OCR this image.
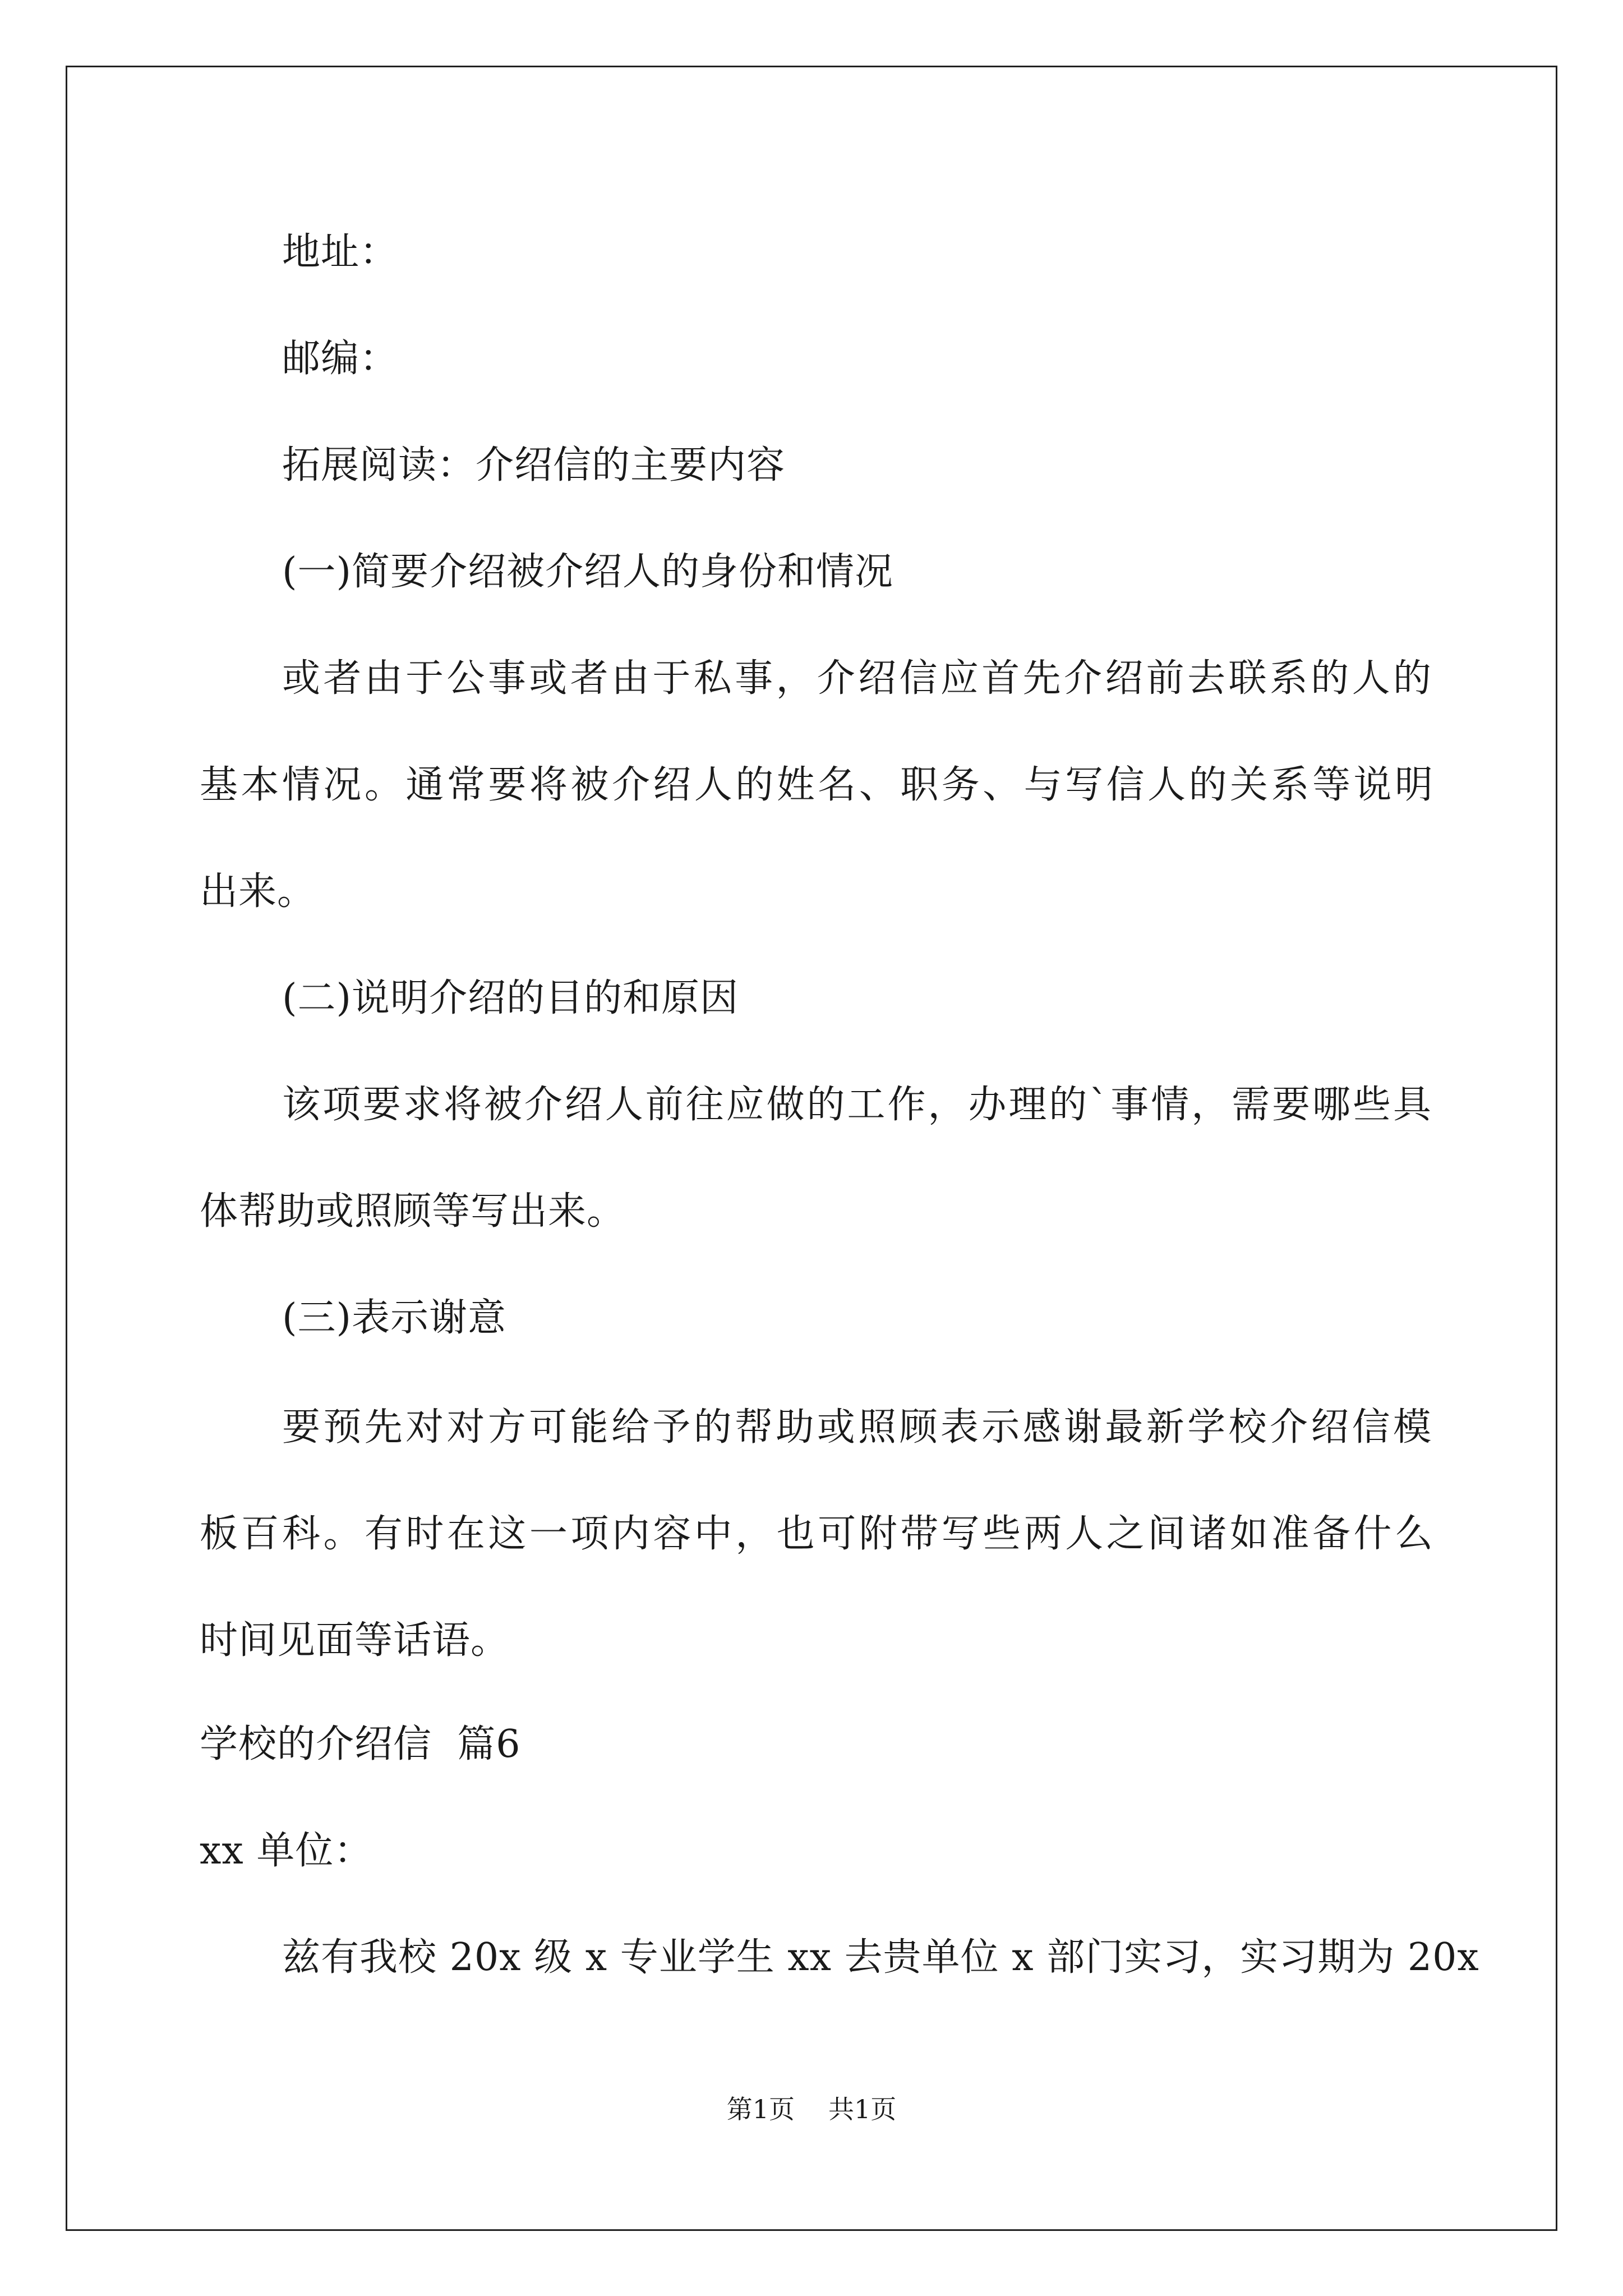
地址：
邮编：
拓展阅读：介绍信的主要内容
(一)简要介绍被介绍人的身份和情况
或者由于公事或者由于私事，介绍信应首先介绍前去联系的人的
基本情况。通常要将被介绍人的姓名、职务、与写信人的关系等说明
出来。
(二)说明介绍的目的和原因
该项要求将被介绍人前往应做的工作，办理的`事情，需要哪些具
体帮助或照顾等写出来。
(三)表示谢意
要预先对对方可能给予的帮助或照顾表示感谢最新学校介绍信模
板百科。有时在这一项内容中，也可附带写些两人之间诸如准备什么
时间见面等话语。
学校的介绍信  篇6
xx 单位：
兹有我校 20x 级 x 专业学生 xx 去贵单位 x 部门实习，实习期为 20x
第1页 共1页
